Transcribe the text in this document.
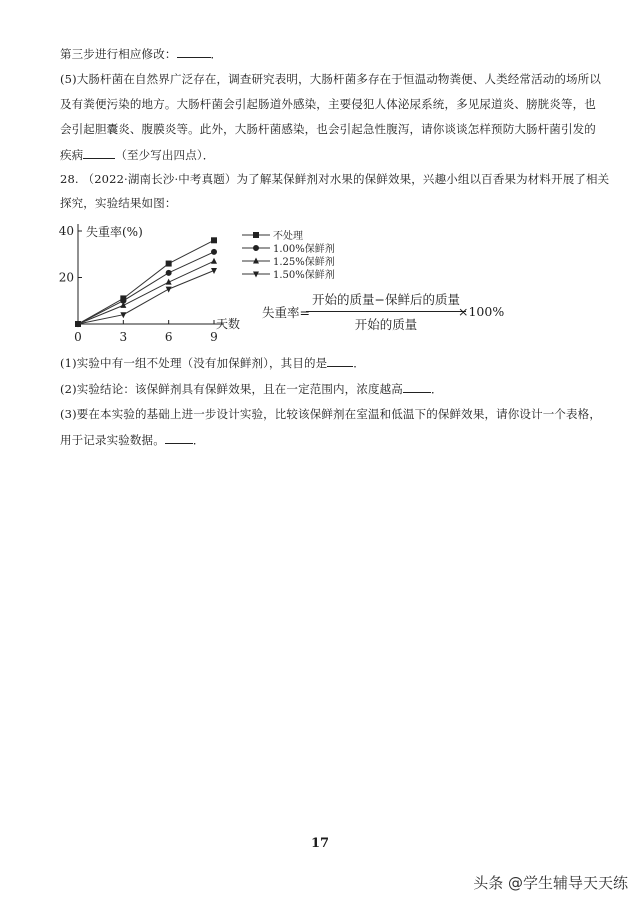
第三步进行相应修改：	．
(5)大肠杆菌在自然界广泛存在，调查研究表明，大肠杆菌多存在于恒温动物粪便、人类经常活动的场所以
及有粪便污染的地方。大肠杆菌会引起肠道外感染，主要侵犯人体泌尿系统，多见尿道炎、膀胱炎等，也
会引起胆囊炎、腹膜炎等。此外，大肠杆菌感染，也会引起急性腹泻，请你谈谈怎样预防大肠杆菌引发的
疾病	（至少写出四点）．
28. （2022·湖南长沙·中考真题）为了解某保鲜剂对水果的保鲜效果，兴趣小组以百香果为材料开展了相关
探究，实验结果如图：
40
20
0	3	6	9
失重率(%)
天数
不处理
1.00%保鲜剂
1.25%保鲜剂
1.50%保鲜剂
失重率=
开始的质量−保鲜后的质量
开始的质量
×100%
(1)实验中有一组不处理（没有加保鲜剂），其目的是 ．
(2)实验结论：该保鲜剂具有保鲜效果，且在一定范围内，浓度越高 ．
(3)要在本实验的基础上进一步设计实验，比较该保鲜剂在室温和低温下的保鲜效果，请你设计一个表格，
用于记录实验数据。 ．
17
头条 @学生辅导天天练
